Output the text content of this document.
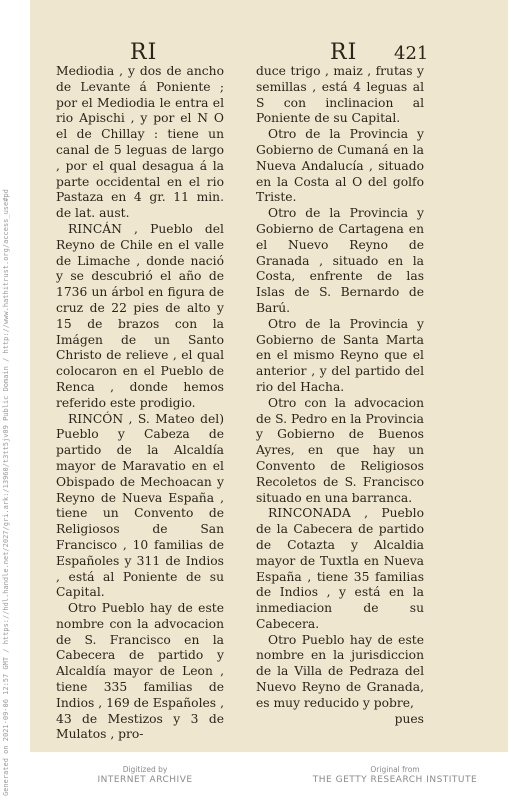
RI	RI 421

Mediodia , y dos de ancho de Levante á Poniente ; por el Mediodia le entra el rio Apischi , y por el N O el de Chillay : tiene un canal de 5 leguas de largo , por el qual desagua á la parte occidental en el rio Pastaza en 4 gr. 11 min. de lat. aust.

RINCÁN , Pueblo del Reyno de Chile en el valle de Limache , donde nació y se descubrió el año de 1736 un árbol en figura de cruz de 22 pies de alto y 15 de brazos con la Imágen de un Santo Christo de relieve , el qual colocaron en el Pueblo de Renca , donde hemos referido este prodigio.

RINCÓN , S. Mateo del) Pueblo y Cabeza de partido de la Alcaldía mayor de Maravatio en el Obispado de Mechoacan y Reyno de Nueva España , tiene un Convento de Religiosos de San Francisco , 10 familias de Españoles y 311 de Indios , está al Poniente de su Capital.

Otro Pueblo hay de este nombre con la advocacion de S. Francisco en la Cabecera de partido y Alcaldía mayor de Leon , tiene 335 familias de Indios , 169 de Españoles , 43 de Mestizos y 3 de Mulatos , pro-

duce trigo , maiz , frutas y semillas , está 4 leguas al S con inclinacion al Poniente de su Capital.

Otro de la Provincia y Gobierno de Cumaná en la Nueva Andalucía , situado en la Costa al O del golfo Triste.

Otro de la Provincia y Gobierno de Cartagena en el Nuevo Reyno de Granada , situado en la Costa, enfrente de las Islas de S. Bernardo de Barú.

Otro de la Provincia y Gobierno de Santa Marta en el mismo Reyno que el anterior , y del partido del rio del Hacha.

Otro con la advocacion de S. Pedro en la Provincia y Gobierno de Buenos Ayres, en que hay un Convento de Religiosos Recoletos de S. Francisco situado en una barranca.

RINCONADA , Pueblo de la Cabecera de partido de Cotazta y Alcaldia mayor de Tuxtla en Nueva España , tiene 35 familias de Indios , y está en la inmediacion de su Cabecera.

Otro Pueblo hay de este nombre en la jurisdiccion de la Villa de Pedraza del Nuevo Reyno de Granada, es muy reducido y pobre,

pues
Generated on 2021-09-06 12:57 GMT / https://hdl.handle.net/2027/gri.ark:/13960/t3tt5jv09 Public Domain / http://www.hathitrust.org/access_use#pd	Digitized by
INTERNET ARCHIVE
Original from
THE GETTY RESEARCH INSTITUTE
